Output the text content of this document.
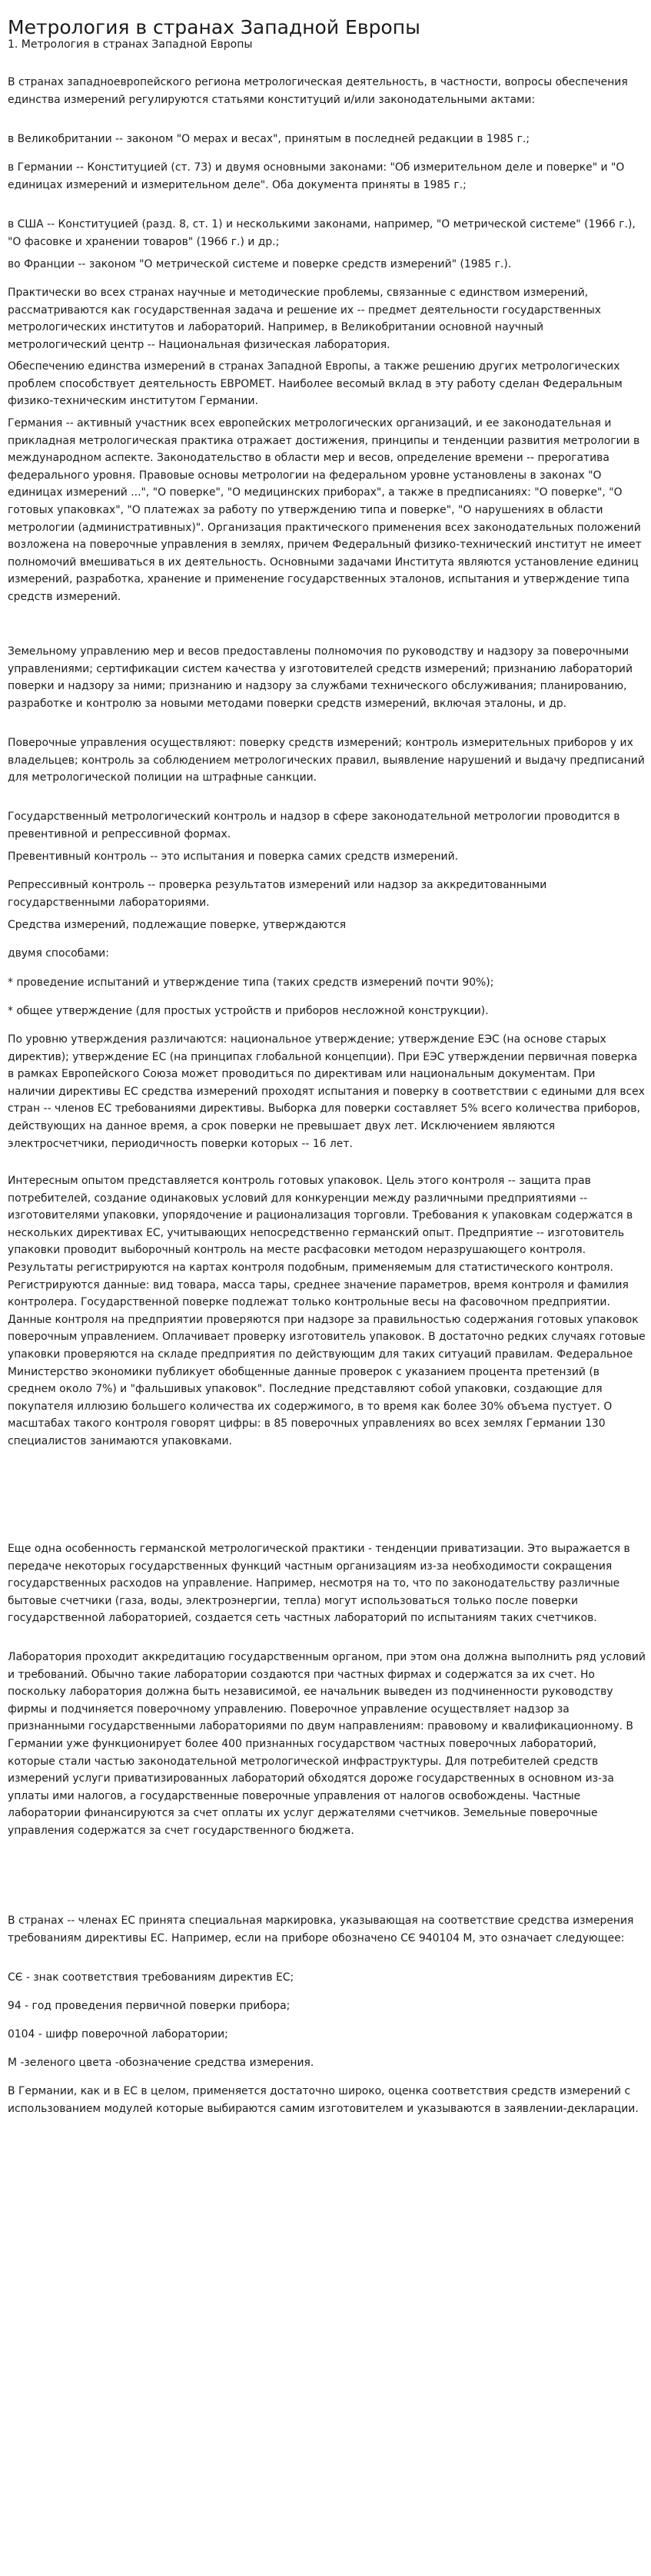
Метрология в странах Западной Европы
1. Метрология в странах Западной Европы

В странах западноевропейского региона метрологическая деятельность, в частности, вопросы обеспечения единства измерений регулируются статьями конституций и/или законодательными актами:

в Великобритании -- законом "О мерах и весах", принятым в последней редакции в 1985 г.;

в Германии -- Конституцией (ст. 73) и двумя основными законами: "Об измерительном деле и поверке" и "О единицах измерений и измерительном деле". Оба документа приняты в 1985 г.;

в США -- Конституцией (разд. 8, ст. 1) и несколькими законами, например, "О метрической системе" (1966 г.), "О фасовке и хранении товаров" (1966 г.) и др.;

во Франции -- законом "О метрической системе и поверке средств измерений" (1985 г.).

Практически во всех странах научные и методические проблемы, связанные с единством измерений, рассматриваются как государственная задача и решение их -- предмет деятельности государственных метрологических институтов и лабораторий. Например, в Великобритании основной научный метрологический центр -- Национальная физическая лаборатория.

Обеспечению единства измерений в странах Западной Европы, а также решению других метрологических проблем способствует деятельность ЕВРОМЕТ. Наиболее весомый вклад в эту работу сделан Федеральным физико-техническим институтом Германии.

Германия -- активный участник всех европейских метрологических организаций, и ее законодательная и прикладная метрологическая практика отражает достижения, принципы и тенденции развития метрологии в международном аспекте. Законодательство в области мер и весов, определение времени -- прерогатива федерального уровня. Правовые основы метрологии на федеральном уровне установлены в законах "О единицах измерений ...", "О поверке", "О медицинских приборах", а также в предписаниях: "О поверке", "О готовых упаковках", "О платежах за работу по утверждению типа и поверке", "О нарушениях в области метрологии (административных)". Организация практического применения всех законодательных положений возложена на поверочные управления в землях, причем Федеральный физико-технический институт не имеет полномочий вмешиваться в их деятельность. Основными задачами Института являются установление единиц измерений, разработка, хранение и применение государственных эталонов, испытания и утверждение типа средств измерений.

Земельному управлению мер и весов предоставлены полномочия по руководству и надзору за поверочными управлениями; сертификации систем качества у изготовителей средств измерений; признанию лабораторий поверки и надзору за ними; признанию и надзору за службами технического обслуживания; планированию, разработке и контролю за новыми методами поверки средств измерений, включая эталоны, и др.

Поверочные управления осуществляют: поверку средств измерений; контроль измерительных приборов у их владельцев; контроль за соблюдением метрологических правил, выявление нарушений и выдачу предписаний для метрологической полиции на штрафные санкции.

Государственный метрологический контроль и надзор в сфере законодательной метрологии проводится в превентивной и репрессивной формах.

Превентивный контроль -- это испытания и поверка самих средств измерений.

Репрессивный контроль -- проверка результатов измерений или надзор за аккредитованными государственными лабораториями.

Средства измерений, подлежащие поверке, утверждаются

двумя способами:

* проведение испытаний и утверждение типа (таких средств измерений почти 90%);

* общее утверждение (для простых устройств и приборов несложной конструкции).

По уровню утверждения различаются: национальное утверждение; утверждение ЕЭС (на основе старых директив); утверждение ЕС (на принципах глобальной концепции). При ЕЭС утверждении первичная поверка в рамках Европейского Союза может проводиться по директивам или национальным документам. При наличии директивы ЕС средства измерений проходят испытания и поверку в соответствии с едиными для всех стран -- членов ЕС требованиями директивы. Выборка для поверки составляет 5% всего количества приборов, действующих на данное время, а срок поверки не превышает двух лет. Исключением являются электросчетчики, периодичность поверки которых -- 16 лет.

Интересным опытом представляется контроль готовых упаковок. Цель этого контроля -- защита прав потребителей, создание одинаковых условий для конкуренции между различными предприятиями -- изготовителями упаковки, упорядочение и рационализация торговли. Требования к упаковкам содержатся в нескольких директивах ЕС, учитывающих непосредственно германский опыт. Предприятие -- изготовитель упаковки проводит выборочный контроль на месте расфасовки методом неразрушающего контроля. Результаты регистрируются на картах контроля подобным, применяемым для статистического контроля. Регистрируются данные: вид товара, масса тары, среднее значение параметров, время контроля и фамилия контролера. Государственной поверке подлежат только контрольные весы на фасовочном предприятии. Данные контроля на предприятии проверяются при надзоре за правильностью содержания готовых упаковок поверочным управлением. Оплачивает проверку изготовитель упаковок. В достаточно редких случаях готовые упаковки проверяются на складе предприятия по действующим для таких ситуаций правилам. Федеральное Министерство экономики публикует обобщенные данные проверок с указанием процента претензий (в среднем около 7%) и "фальшивых упаковок". Последние представляют собой упаковки, создающие для покупателя иллюзию большего количества их содержимого, в то время как более 30% объема пустует. О масштабах такого контроля говорят цифры: в 85 поверочных управлениях во всех землях Германии 130 специалистов занимаются упаковками.

Еще одна особенность германской метрологической практики - тенденции приватизации. Это выражается в передаче некоторых государственных функций частным организациям из-за необходимости сокращения государственных расходов на управление. Например, несмотря на то, что по законодательству различные бытовые счетчики (газа, воды, электроэнергии, тепла) могут использоваться только после поверки государственной лабораторией, создается сеть частных лабораторий по испытаниям таких счетчиков.

Лаборатория проходит аккредитацию государственным органом, при этом она должна выполнить ряд условий и требований. Обычно такие лаборатории создаются при частных фирмах и содержатся за их счет. Но поскольку лаборатория должна быть независимой, ее начальник выведен из подчиненности руководству фирмы и подчиняется поверочному управлению. Поверочное управление осуществляет надзор за признанными государственными лабораториями по двум направлениям: правовому и квалификационному. В Германии уже функционирует более 400 признанных государством частных поверочных лабораторий, которые стали частью законодательной метрологической инфраструктуры. Для потребителей средств измерений услуги приватизированных лабораторий обходятся дороже государственных в основном из-за уплаты ими налогов, а государственные поверочные управления от налогов освобождены. Частные лаборатории финансируются за счет оплаты их услуг держателями счетчиков. Земельные поверочные управления содержатся за счет государственного бюджета.

В странах -- членах ЕС принята специальная маркировка, указывающая на соответствие средства измерения требованиям директивы ЕС. Например, если на приборе обозначено CЄ 940104 М, это означает следующее:

CЄ - знак соответствия требованиям директив ЕС;

94 - год проведения первичной поверки прибора;

0104 - шифр поверочной лаборатории;

М -зеленого цвета -обозначение средства измерения.

В Германии, как и в ЕС в целом, применяется достаточно широко, оценка соответствия средств измерений с использованием модулей которые выбираются самим изготовителем и указываются в заявлении-декларации.
